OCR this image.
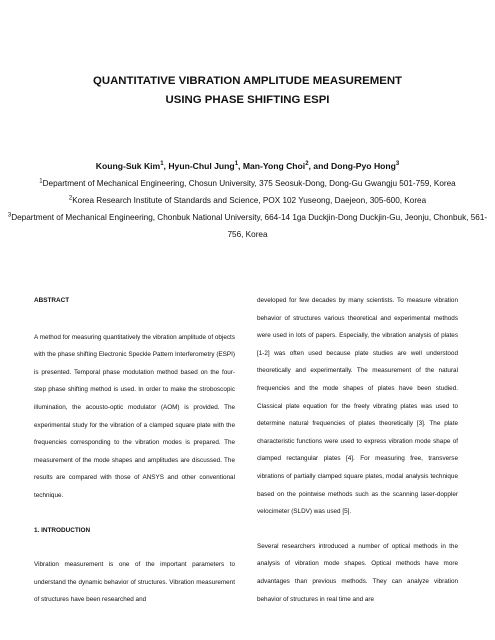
QUANTITATIVE VIBRATION AMPLITUDE MEASUREMENT
USING PHASE SHIFTING ESPI
Koung-Suk Kim$^1$, Hyun-Chul Jung$^1$, Man-Yong Choi$^2$, and Dong-Pyo Hong$^3$
$^1$Department of Mechanical Engineering, Chosun University, 375 Seosuk-Dong, Dong-Gu Gwangju 501-759, Korea
$^2$Korea Research Institute of Standards and Science, POX 102 Yuseong, Daejeon, 305-600, Korea
$^3$Department of Mechanical Engineering, Chonbuk National University, 664-14 1ga Duckjin-Dong Duckjin-Gu, Jeonju, Chonbuk, 561-756, Korea

ABSTRACT

A method for measuring quantitatively the vibration amplitude of objects with the phase shifting Electronic Speckle Pattern Interferometry (ESPI) is presented. Temporal phase modulation method based on the four-step phase shifting method is used. In order to make the stroboscopic illumination, the acousto-optic modulator (AOM) is provided. The experimental study for the vibration of a clamped square plate with the frequencies corresponding to the vibration modes is prepared. The measurement of the mode shapes and amplitudes are discussed. The results are compared with those of ANSYS and other conventional technique.

1. INTRODUCTION

Vibration measurement is one of the important parameters to understand the dynamic behavior of structures. Vibration measurement of structures have been researched and

developed for few decades by many scientists. To measure vibration behavior of structures various theoretical and experimental methods were used in lots of papers. Especially, the vibration analysis of plates [1-2] was often used because plate studies are well understood theoretically and experimentally. The measurement of the natural frequencies and the mode shapes of plates have been studied. Classical plate equation for the freely vibrating plates was used to determine natural frequencies of plates theoretically [3]. The plate characteristic functions were used to express vibration mode shape of clamped rectangular plates [4]. For measuring free, transverse vibrations of partially clamped square plates, modal analysis technique based on the pointwise methods such as the scanning laser-doppler velocimeter (SLDV) was used [5].

Several researchers introduced a number of optical methods in the analysis of vibration mode shapes. Optical methods have more advantages than previous methods. They can analyze vibration behavior of structures in real time and are
